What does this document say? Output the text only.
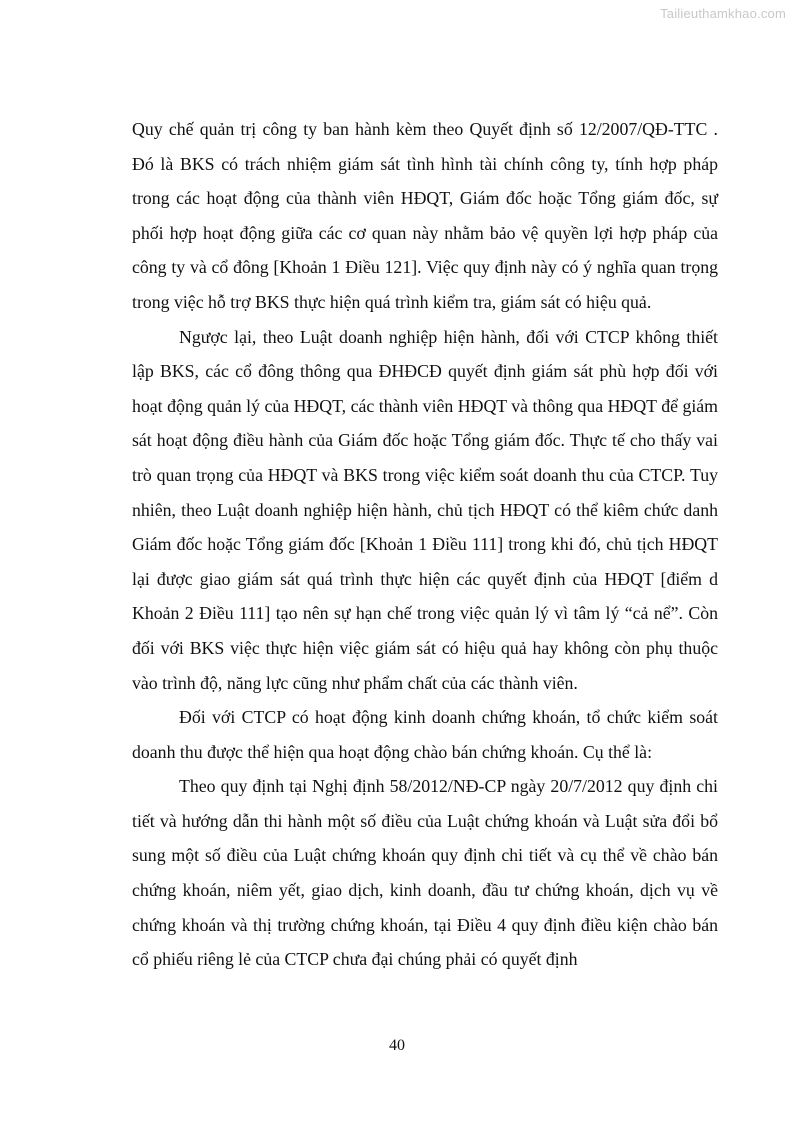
Tailieuthamkhao.com

Quy chế quản trị công ty ban hành kèm theo Quyết định số 12/2007/QĐ-TTC . Đó là BKS có trách nhiệm giám sát tình hình tài chính công ty, tính hợp pháp trong các hoạt động của thành viên HĐQT, Giám đốc hoặc Tổng giám đốc, sự phối hợp hoạt động giữa các cơ quan này nhằm bảo vệ quyền lợi hợp pháp của công ty và cổ đông [Khoản 1 Điều 121]. Việc quy định này có ý nghĩa quan trọng trong việc hỗ trợ BKS thực hiện quá trình kiểm tra, giám sát có hiệu quả.

Ngược lại, theo Luật doanh nghiệp hiện hành, đối với CTCP không thiết lập BKS, các cổ đông thông qua ĐHĐCĐ quyết định giám sát phù hợp đối với hoạt động quản lý của HĐQT, các thành viên HĐQT và thông qua HĐQT để giám sát hoạt động điều hành của Giám đốc hoặc Tổng giám đốc. Thực tế cho thấy vai trò quan trọng của HĐQT và BKS trong việc kiểm soát doanh thu của CTCP. Tuy nhiên, theo Luật doanh nghiệp hiện hành, chủ tịch HĐQT có thể kiêm chức danh Giám đốc hoặc Tổng giám đốc [Khoản 1 Điều 111] trong khi đó, chủ tịch HĐQT lại được giao giám sát quá trình thực hiện các quyết định của HĐQT [điểm d Khoản 2 Điều 111] tạo nên sự hạn chế trong việc quản lý vì tâm lý “cả nể”. Còn đối với BKS việc thực hiện việc giám sát có hiệu quả hay không còn phụ thuộc vào trình độ, năng lực cũng như phẩm chất của các thành viên.

Đối với CTCP có hoạt động kinh doanh chứng khoán, tổ chức kiểm soát doanh thu được thể hiện qua hoạt động chào bán chứng khoán. Cụ thể là:

Theo quy định tại Nghị định 58/2012/NĐ-CP ngày 20/7/2012 quy định chi tiết và hướng dẫn thi hành một số điều của Luật chứng khoán và Luật sửa đổi bổ sung một số điều của Luật chứng khoán quy định chi tiết và cụ thể về chào bán chứng khoán, niêm yết, giao dịch, kinh doanh, đầu tư chứng khoán, dịch vụ về chứng khoán và thị trường chứng khoán, tại Điều 4 quy định điều kiện chào bán cổ phiếu riêng lẻ của CTCP chưa đại chúng phải có quyết định

40
